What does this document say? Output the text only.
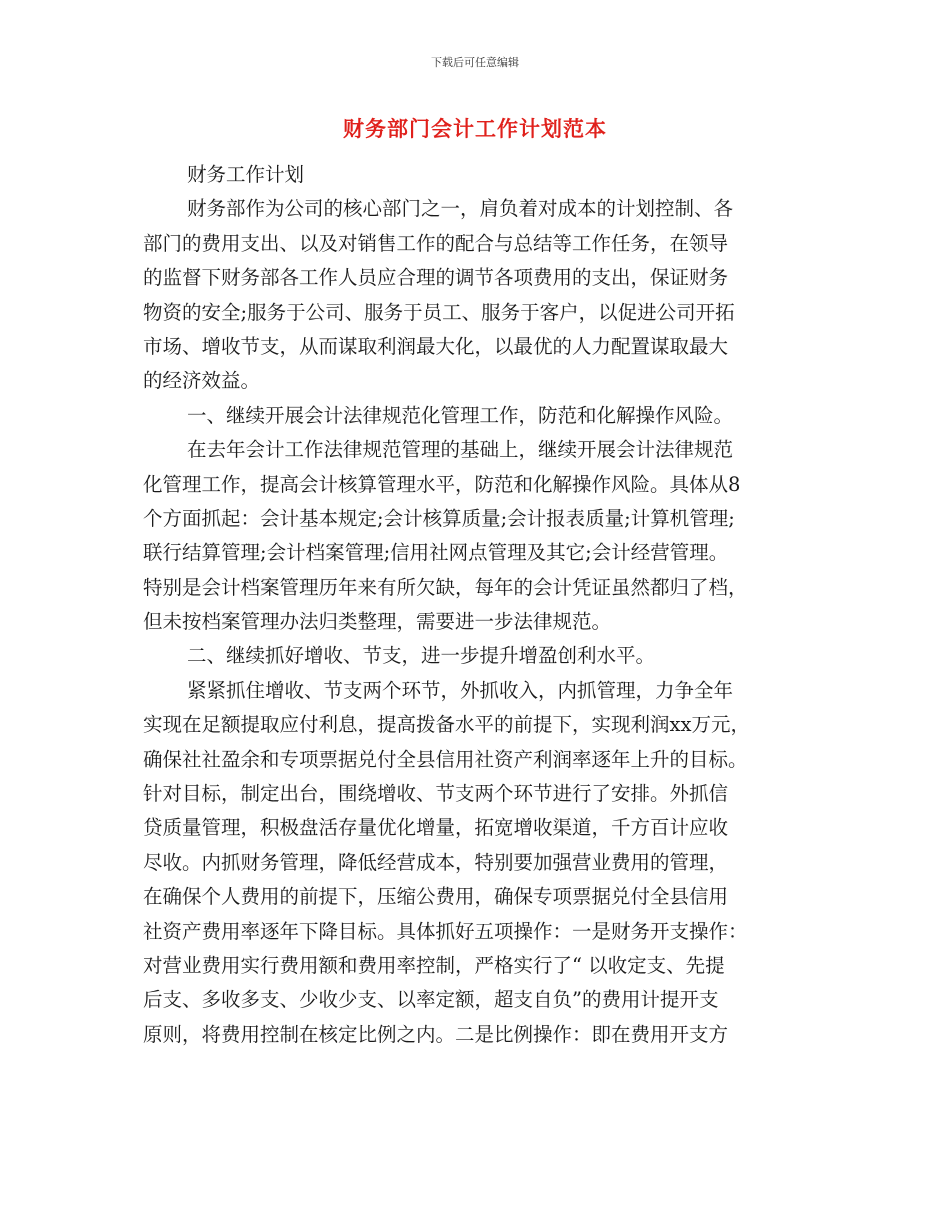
下载后可任意编辑
财务部门会计工作计划范本
财务工作计划
财务部作为公司的核心部门之一，肩负着对成本的计划控制、各
部门的费用支出、以及对销售工作的配合与总结等工作任务，在领导
的监督下财务部各工作人员应合理的调节各项费用的支出，保证财务
物资的安全;服务于公司、服务于员工、服务于客户，以促进公司开拓
市场、增收节支，从而谋取利润最大化，以最优的人力配置谋取最大
的经济效益。
一、继续开展会计法律规范化管理工作，防范和化解操作风险。
在去年会计工作法律规范管理的基础上，继续开展会计法律规范
化管理工作，提高会计核算管理水平，防范和化解操作风险。具体从8
个方面抓起：会计基本规定;会计核算质量;会计报表质量;计算机管理;
联行结算管理;会计档案管理;信用社网点管理及其它;会计经营管理。
特别是会计档案管理历年来有所欠缺，每年的会计凭证虽然都归了档，
但未按档案管理办法归类整理，需要进一步法律规范。
二、继续抓好增收、节支，进一步提升增盈创利水平。
紧紧抓住增收、节支两个环节，外抓收入，内抓管理，力争全年
实现在足额提取应付利息，提高拨备水平的前提下，实现利润xx万元，
确保社社盈余和专项票据兑付全县信用社资产利润率逐年上升的目标。
针对目标，制定出台，围绕增收、节支两个环节进行了安排。外抓信
贷质量管理，积极盘活存量优化增量，拓宽增收渠道，千方百计应收
尽收。内抓财务管理，降低经营成本，特别要加强营业费用的管理，
在确保个人费用的前提下，压缩公费用，确保专项票据兑付全县信用
社资产费用率逐年下降目标。具体抓好五项操作：一是财务开支操作：
对营业费用实行费用额和费用率控制，严格实行了“ 以收定支、先提
后支、多收多支、少收少支、以率定额，超支自负”的费用计提开支
原则，将费用控制在核定比例之内。二是比例操作：即在费用开支方
